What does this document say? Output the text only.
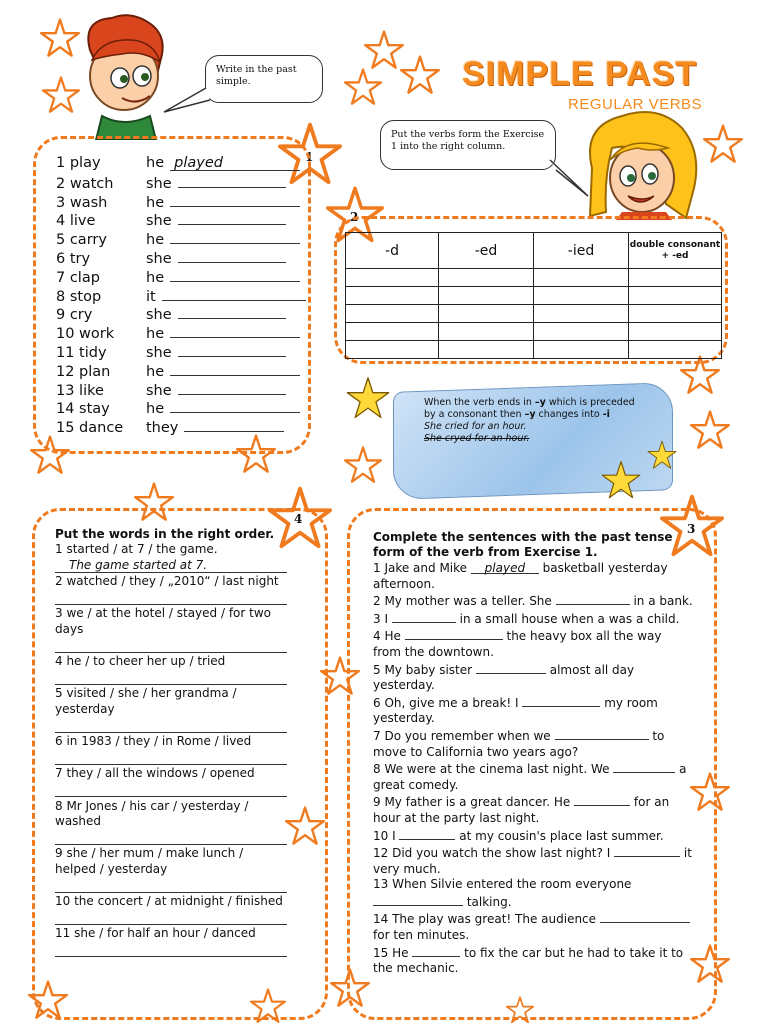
1
2
3
4
Write in the past simple.
Put the verbs form the Exercise 1 into the right column.
SIMPLE PAST
REGULAR VERBS
1 play	he played
2 watch she
3 wash	he
4 live	she
5 carry	he
6 try	she
7 clap	he
8 stop	it
9 cry	she
10 work he
11 tidy	she
12 plan he
13 like	she
14 stay he
15 dance they
-d	-ed	-ied	double consonant + -ed

When the verb ends in –y which is preceded by a consonant then –y changes into -i
She cried for an hour.
She cryed for an hour.
Put the words in the right order.
1 started / at 7 / the game.
The game started at 7.
2 watched / they / „2010“ / last night
3 we / at the hotel / stayed / for two days
4 he / to cheer her up / tried
5 visited / she / her grandma / yesterday
6 in 1983 / they / in Rome / lived
7 they / all the windows / opened
8 Mr Jones / his car / yesterday / washed
9 she / her mum / make lunch / helped / yesterday
10 the concert / at midnight / finished
11 she / for half an hour / danced
Complete the sentences with the past tense form of the verb from Exercise 1.
1 Jake and Mike played basketball yesterday afternoon.
2 My mother was a teller. She	in a bank.
3 I	in a small house when a was a child.
4 He	the heavy box all the way from the downtown.
5 My baby sister	almost all day yesterday.
6 Oh, give me a break! I	my room yesterday.
7 Do you remember when we	to move to California two years ago?
8 We were at the cinema last night. We	a great comedy.
9 My father is a great dancer. He	for an hour at the party last night.
10 I	at my cousin's place last summer.
12 Did you watch the show last night? I	it very much.
13 When Silvie entered the room everyone  talking.
14 The play was great! The audience  for ten minutes.
15 He	to fix the car but he had to take it to the mechanic.
